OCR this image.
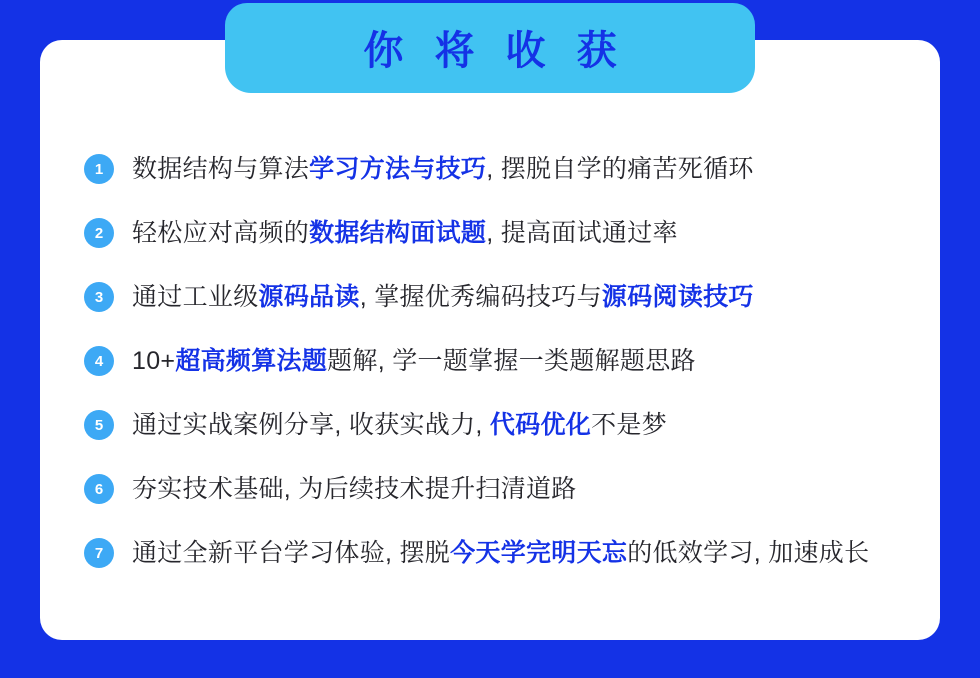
你 将 收 获
1	数据结构与算法学习方法与技巧, 摆脱自学的痛苦死循环
2	轻松应对高频的数据结构面试题, 提高面试通过率
3	通过工业级源码品读, 掌握优秀编码技巧与源码阅读技巧
4	10+超高频算法题题解, 学一题掌握一类题解题思路
5	通过实战案例分享, 收获实战力, 代码优化不是梦
6	夯实技术基础, 为后续技术提升扫清道路
7	通过全新平台学习体验, 摆脱今天学完明天忘的低效学习, 加速成长
